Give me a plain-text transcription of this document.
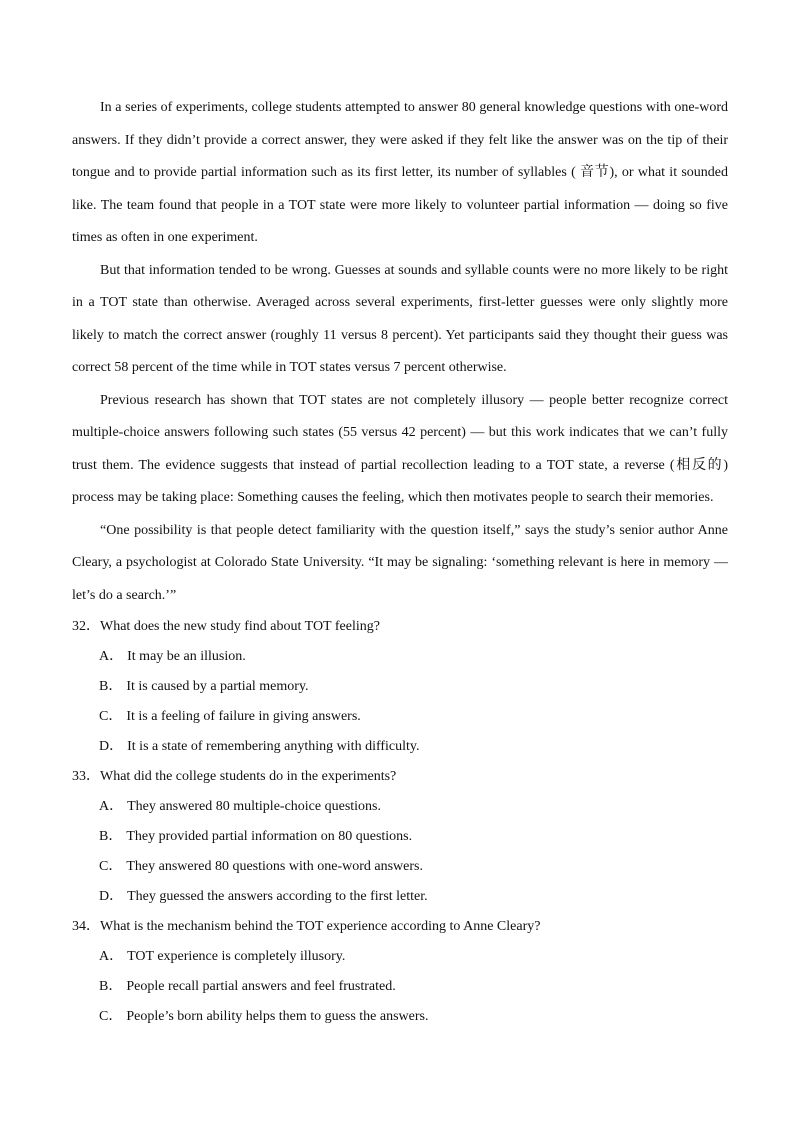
In a series of experiments, college students attempted to answer 80 general knowledge questions with one-word answers. If they didn’t provide a correct answer, they were asked if they felt like the answer was on the tip of their tongue and to provide partial information such as its first letter, its number of syllables ( 音节), or what it sounded like. The team found that people in a TOT state were more likely to volunteer partial information — doing so five times as often in one experiment.

But that information tended to be wrong. Guesses at sounds and syllable counts were no more likely to be right in a TOT state than otherwise. Averaged across several experiments, first-letter guesses were only slightly more likely to match the correct answer (roughly 11 versus 8 percent). Yet participants said they thought their guess was correct 58 percent of the time while in TOT states versus 7 percent otherwise.

Previous research has shown that TOT states are not completely illusory — people better recognize correct multiple-choice answers following such states (55 versus 42 percent) — but this work indicates that we can’t fully trust them. The evidence suggests that instead of partial recollection leading to a TOT state, a reverse (相反的) process may be taking place: Something causes the feeling, which then motivates people to search their memories.

“One possibility is that people detect familiarity with the question itself,” says the study’s senior author Anne Cleary, a psychologist at Colorado State University. “It may be signaling: ‘something relevant is here in memory — let’s do a search.’”

32．What does the new study find about TOT feeling?

A． It may be an illusion.

B． It is caused by a partial memory.

C． It is a feeling of failure in giving answers.

D． It is a state of remembering anything with difficulty.

33．What did the college students do in the experiments?

A． They answered 80 multiple-choice questions.

B． They provided partial information on 80 questions.

C． They answered 80 questions with one-word answers.

D． They guessed the answers according to the first letter.

34．What is the mechanism behind the TOT experience according to Anne Cleary?

A． TOT experience is completely illusory.

B． People recall partial answers and feel frustrated.

C． People’s born ability helps them to guess the answers.
